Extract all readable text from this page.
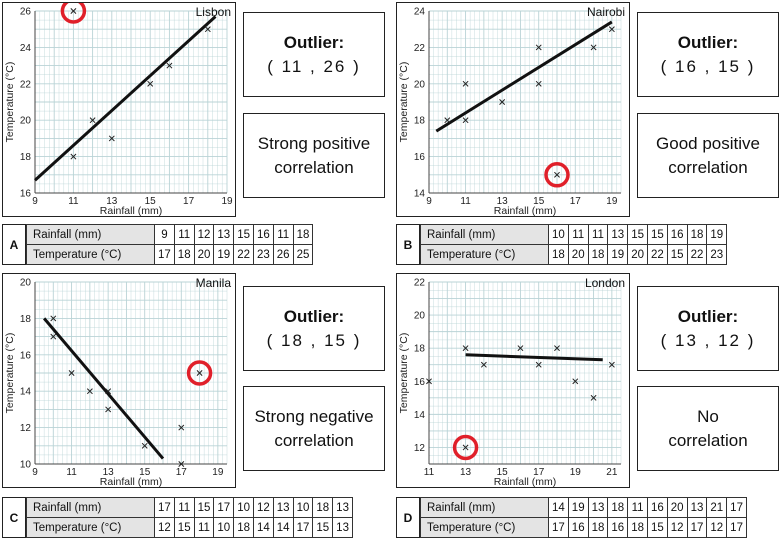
9	11	13	15	17	19
16
18
20
22
24
26
Rainfall (mm)
Temperature (°C)
Lisbon
Outlier:
( 11 , 26 )
Strong positive
correlation
A
Rainfall (mm)	9	11	12	13	15	16	11	18
Temperature (°C)	17	18	20	19	22	23	26	25
9	11	13	15	17	19
14
16
18
20
22
24
Rainfall (mm)
Temperature (°C)
Nairobi
Outlier:
( 16 , 15 )
Good positive
correlation
B
Rainfall (mm)	10	11	11	13	15	15	16	18	19
Temperature (°C)	18	20	18	19	20	22	15	22	23
9	11	13	15	17	19
10
12
14
16
18
20
Rainfall (mm)
Temperature (°C)
Manila
Outlier:
( 18 , 15 )
Strong negative
correlation
C
Rainfall (mm)	17	11	15	17	10	12	13	10	18	13
Temperature (°C)	12	15	11	10	18	14	14	17	15	13
11	13	15	17	19	21
12
14
16
18
20
22
Rainfall (mm)
Temperature (°C)
London
Outlier:
( 13 , 12 )
No
correlation
D
Rainfall (mm)	14	19	13	18	11	16	20	13	21	17
Temperature (°C)	17	16	18	16	18	15	12	17	12	17
